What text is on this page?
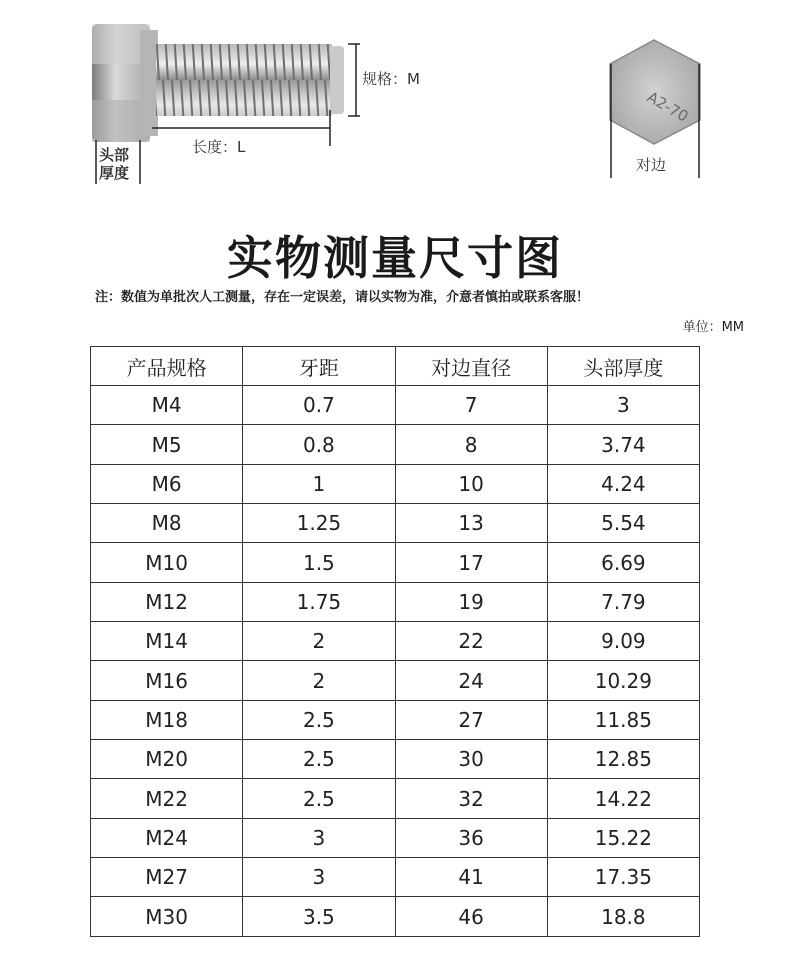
A2-70
规格：M
长度：L
头部
厚度	对边
实物测量尺寸图
注：数值为单批次人工测量，存在一定误差，请以实物为准，介意者慎拍或联系客服！
单位：MM
产品规格	牙距	对边直径	头部厚度
M4	0.7	7	3
M5	0.8	8	3.74
M6	1	10	4.24
M8	1.25	13	5.54
M10	1.5	17	6.69
M12	1.75	19	7.79
M14	2	22	9.09
M16	2	24	10.29
M18	2.5	27	11.85
M20	2.5	30	12.85
M22	2.5	32	14.22
M24	3	36	15.22
M27	3	41	17.35
M30	3.5	46	18.8
